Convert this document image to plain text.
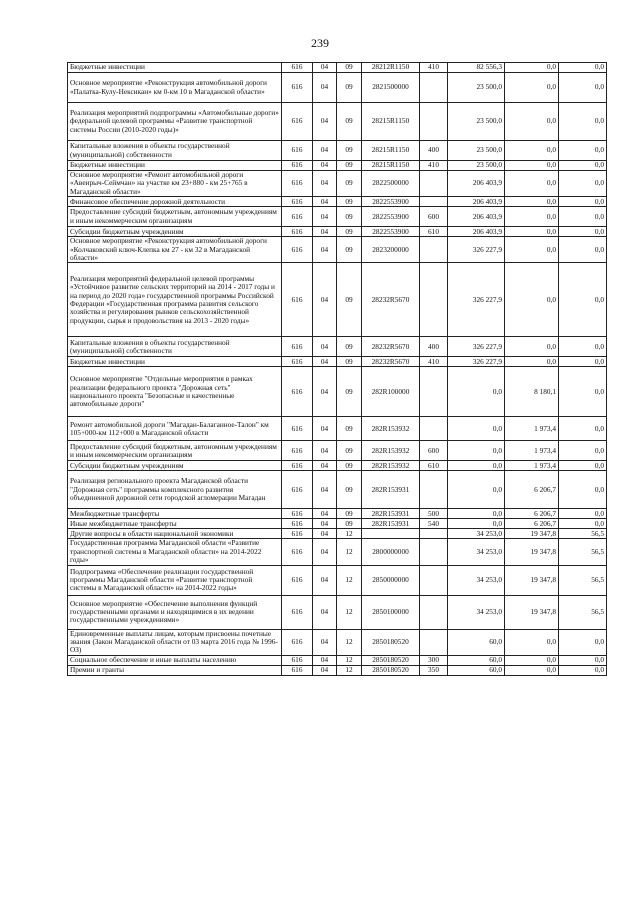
239
Бюджетные инвестиции	616	04	09	28212R1150	410	82 556,3	0,0	0,0
Основное мероприятие «Реконструкция автомобильной дороги «Палатка-Кулу-Нексикан» км 0-км 10 в Магаданской области»	616	04	09	2821500000		23 500,0	0,0	0,0
Реализация мероприятий подпрограммы «Автомобильные дороги» федеральной целевой программы «Развитие транспортной системы России (2010-2020 годы)»	616	04	09	28215R1150		23 500,0	0,0	0,0
Капитальные вложения в объекты государственной (муниципальной) собственности	616	04	09	28215R1150	400	23 500,0	0,0	0,0
Бюджетные инвестиции	616	04	09	28215R1150	410	23 500,0	0,0	0,0
Основное мероприятие «Ремонт автомобильной дороги «Авеирыч-Сеймчан» на участке км 23+880 - км 25+765 в Магаданской области»	616	04	09	2822500000		206 403,9	0,0	0,0
Финансовое обеспечение дорожной деятельности	616	04	09	2822553900		206 403,9	0,0	0,0
Предоставление субсидий бюджетным, автономным учреждениям и иным некоммерческим организациям	616	04	09	2822553900	600	206 403,9	0,0	0,0
Субсидии бюджетным учреждениям	616	04	09	2822553900	610	206 403,9	0,0	0,0
Основное мероприятие «Реконструкция автомобильной дороги «Колчаковский ключ-Клепка км 27 - км 32 в Магаданской области»	616	04	09	2823200000		326 227,9	0,0	0,0
Реализация мероприятий федеральной целевой программы «Устойчивое развитие сельских территорий на 2014 - 2017 годы и на период до 2020 года» государственной программы Российской Федерации «Государственная программа развития сельского хозяйства и регулирования рынков сельскохозяйственной продукции, сырья и продовольствия на 2013 - 2020 годы»	616	04	09	28232R5670		326 227,9	0,0	0,0
Капитальные вложения в объекты государственной (муниципальной) собственности	616	04	09	28232R5670	400	326 227,9	0,0	0,0
Бюджетные инвестиции	616	04	09	28232R5670	410	326 227,9	0,0	0,0
Основное мероприятие "Отдельные мероприятия в рамках реализации федерального проекта "Дорожная сеть" национального проекта "Безопасные и качественные автомобильные дороги"	616	04	09	282R100000		0,0	8 180,1	0,0
Ремонт автомобильной дороги "Магадан-Балаганное-Талон" км 105+000-км 112+000 в Магаданской области	616	04	09	282R153932		0,0	1 973,4	0,0
Предоставление субсидий бюджетным, автономным учреждениям и иным некоммерческим организациям	616	04	09	282R153932	600	0,0	1 973,4	0,0
Субсидии бюджетным учреждениям	616	04	09	282R153932	610	0,0	1 973,4	0,0
Реализация регионального проекта Магаданской области "Дорожная сеть" программы комплексного развития объединенной дорожной сети городской агломерации Магадан	616	04	09	282R153931		0,0	6 206,7	0,0
Межбюджетные трансферты	616	04	09	282R153931	500	0,0	6 206,7	0,0
Иные межбюджетные трансферты	616	04	09	282R153931	540	0,0	6 206,7	0,0
Другие вопросы в области национальной экономики	616	04	12			34 253,0	19 347,8	56,5
Государственная программа Магаданской области «Развитие транспортной системы в Магаданской области» на 2014-2022 годы»	616	04	12	2800000000		34 253,0	19 347,8	56,5
Подпрограмма «Обеспечение реализации государственной программы Магаданской области «Развитие транспортной системы в Магаданской области» на 2014-2022 годы»	616	04	12	2850000000		34 253,0	19 347,8	56,5
Основное мероприятие «Обеспечение выполнения функций государственными органами и находящимися в их ведении государственными учреждениями»	616	04	12	2850100000		34 253,0	19 347,8	56,5
Единовременные выплаты лицам, которым присвоены почетные звания (Закон Магаданской области от 03 марта 2016 года № 1996-ОЗ)	616	04	12	2850180520		60,0	0,0	0,0
Социальное обеспечение и иные выплаты населению	616	04	12	2850180520	300	60,0	0,0	0,0
Премии и гранты	616	04	12	2850180520	350	60,0	0,0	0,0
